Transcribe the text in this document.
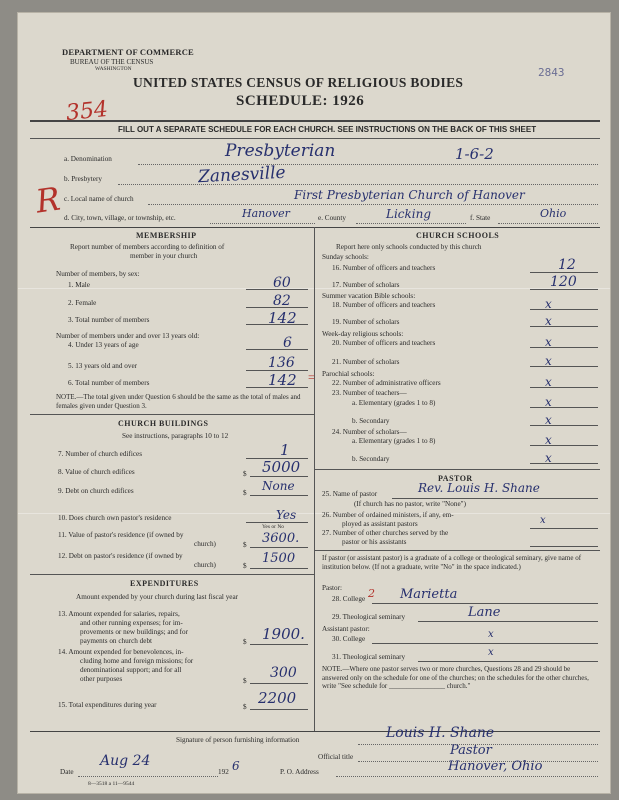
DEPARTMENT OF COMMERCE
BUREAU OF THE CENSUS
WASHINGTON	2843
UNITED STATES CENSUS OF RELIGIOUS BODIES
354	SCHEDULE: 1926
FILL OUT A SEPARATE SCHEDULE FOR EACH CHURCH. SEE INSTRUCTIONS ON THE BACK OF THIS SHEET
a. Denomination	Presbyterian	1-6-2
b. Presbytery	Zanesville
R c. Local name of church	First Presbyterian Church of Hanover
d. City, town, village, or township, etc.	Hanover	e. County	Licking	f. State	Ohio
MEMBERSHIP
Report number of members according to definition of
member in your church
Number of members, by sex:
1. Male	60
2. Female	82
3. Total number of members	142
Number of members under and over 13 years old:
4. Under 13 years of age	6
5. 13 years old and over	136
6. Total number of members	142 =
NOTE.—The total given under Question 6 should be the same as the total of males and females given under Question 3.
CHURCH BUILDINGS
See instructions, paragraphs 10 to 12
7. Number of church edifices	1
8. Value of church edifices	$ 5000
9. Debt on church edifices	$ None
10. Does church own pastor's residence	Yes
Yes or No
11. Value of pastor's residence (if owned by
church)	$ 3600.
12. Debt on pastor's residence (if owned by
church)	$ 1500
EXPENDITURES
Amount expended by your church during last fiscal year
13. Amount expended for salaries, repairs,
and other running expenses; for im-
provements or new buildings; and for
payments on church debt	$ 1900.
14. Amount expended for benevolences, in-
cluding home and foreign missions; for
denominational support; and for all
other purposes	$ 300
15. Total expenditures during year	$ 2200
CHURCH SCHOOLS
Report here only schools conducted by this church
Sunday schools:
16. Number of officers and teachers	12
17. Number of scholars	120
Summer vacation Bible schools:
18. Number of officers and teachers	x
19. Number of scholars	x
Week-day religious schools:
20. Number of officers and teachers	x
21. Number of scholars	x
Parochial schools:
22. Number of administrative officers	x
23. Number of teachers—
a. Elementary (grades 1 to 8)	x
b. Secondary	x
24. Number of scholars—
a. Elementary (grades 1 to 8)	x
b. Secondary	x
PASTOR
25. Name of pastor	Rev. Louis H. Shane
(If church has no pastor, write "None")
26. Number of ordained ministers, if any, em-
ployed as assistant pastors	x
27. Number of other churches served by the
pastor or his assistants
If pastor (or assistant pastor) is a graduate of a college or theological seminary, give name of institution below. (If not a graduate, write "No" in the space indicated.)
Pastor:
28. College 2 Marietta
29. Theological seminary	Lane
Assistant pastor:
30. College	x
31. Theological seminary	x
NOTE.—Where one pastor serves two or more churches, Questions 28 and 29 should be answered only on the schedule for one of the churches; on the schedules for the other churches, write "See schedule for ________________ church."
Signature of person furnishing information	Louis H. Shane
Official title	Pastor
Date
Aug 24
192 6	P. O. Address	Hanover, Ohio
8—3518 a 11—9544
